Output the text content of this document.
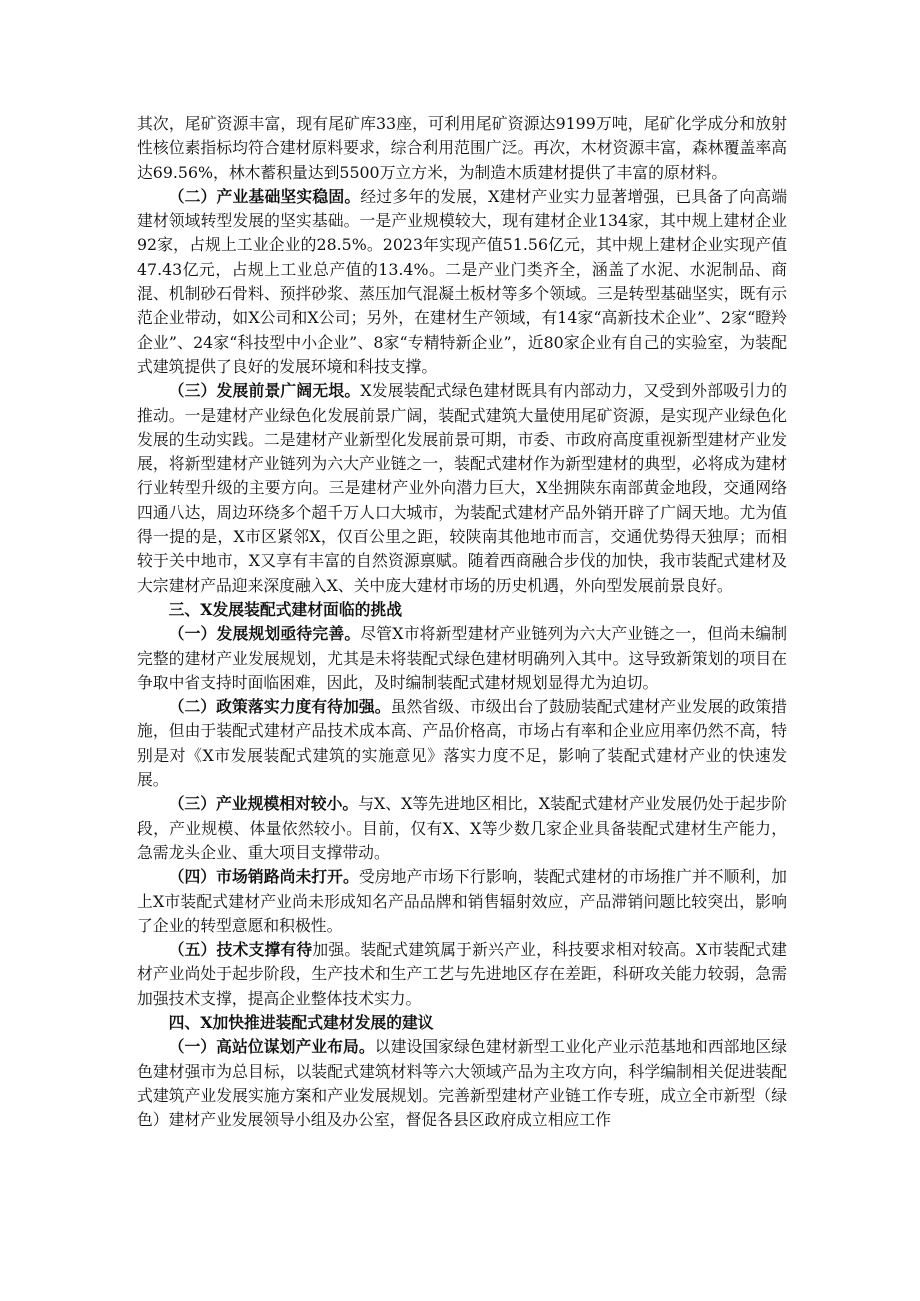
其次，尾矿资源丰富，现有尾矿库33座，可利用尾矿资源达9199万吨，尾矿化学成分和放射性核位素指标均符合建材原料要求，综合利用范围广泛。再次，木材资源丰富，森林覆盖率高达69.56%，林木蓄积量达到5500万立方米，为制造木质建材提供了丰富的原材料。

（二）产业基础坚实稳固。经过多年的发展，X建材产业实力显著增强，已具备了向高端建材领域转型发展的坚实基础。一是产业规模较大，现有建材企业134家，其中规上建材企业92家，占规上工业企业的28.5%。2023年实现产值51.56亿元，其中规上建材企业实现产值47.43亿元，占规上工业总产值的13.4%。二是产业门类齐全，涵盖了水泥、水泥制品、商混、机制砂石骨料、预拌砂浆、蒸压加气混凝土板材等多个领域。三是转型基础坚实，既有示范企业带动，如X公司和X公司；另外，在建材生产领域，有14家“高新技术企业”、2家“瞪羚企业”、24家“科技型中小企业”、8家“专精特新企业”，近80家企业有自己的实验室，为装配式建筑提供了良好的发展环境和科技支撑。

（三）发展前景广阔无垠。X发展装配式绿色建材既具有内部动力，又受到外部吸引力的推动。一是建材产业绿色化发展前景广阔，装配式建筑大量使用尾矿资源，是实现产业绿色化发展的生动实践。二是建材产业新型化发展前景可期，市委、市政府高度重视新型建材产业发展，将新型建材产业链列为六大产业链之一，装配式建材作为新型建材的典型，必将成为建材行业转型升级的主要方向。三是建材产业外向潜力巨大，X坐拥陕东南部黄金地段，交通网络四通八达，周边环绕多个超千万人口大城市，为装配式建材产品外销开辟了广阔天地。尤为值得一提的是，X市区紧邻X，仅百公里之距，较陕南其他地市而言，交通优势得天独厚；而相较于关中地市，X又享有丰富的自然资源禀赋。随着西商融合步伐的加快，我市装配式建材及大宗建材产品迎来深度融入X、关中庞大建材市场的历史机遇，外向型发展前景良好。

三、X发展装配式建材面临的挑战

（一）发展规划亟待完善。尽管X市将新型建材产业链列为六大产业链之一，但尚未编制完整的建材产业发展规划，尤其是未将装配式绿色建材明确列入其中。这导致新策划的项目在争取中省支持时面临困难，因此，及时编制装配式建材规划显得尤为迫切。

（二）政策落实力度有待加强。虽然省级、市级出台了鼓励装配式建材产业发展的政策措施，但由于装配式建材产品技术成本高、产品价格高，市场占有率和企业应用率仍然不高，特别是对《X市发展装配式建筑的实施意见》落实力度不足，影响了装配式建材产业的快速发展。

（三）产业规模相对较小。与X、X等先进地区相比，X装配式建材产业发展仍处于起步阶段，产业规模、体量依然较小。目前，仅有X、X等少数几家企业具备装配式建材生产能力，急需龙头企业、重大项目支撑带动。

（四）市场销路尚未打开。受房地产市场下行影响，装配式建材的市场推广并不顺利，加上X市装配式建材产业尚未形成知名产品品牌和销售辐射效应，产品滞销问题比较突出，影响了企业的转型意愿和积极性。

（五）技术支撑有待加强。装配式建筑属于新兴产业，科技要求相对较高。X市装配式建材产业尚处于起步阶段，生产技术和生产工艺与先进地区存在差距，科研攻关能力较弱，急需加强技术支撑，提高企业整体技术实力。

四、X加快推进装配式建材发展的建议

（一）高站位谋划产业布局。以建设国家绿色建材新型工业化产业示范基地和西部地区绿色建材强市为总目标，以装配式建筑材料等六大领域产品为主攻方向，科学编制相关促进装配式建筑产业发展实施方案和产业发展规划。完善新型建材产业链工作专班，成立全市新型（绿色）建材产业发展领导小组及办公室，督促各县区政府成立相应工作
